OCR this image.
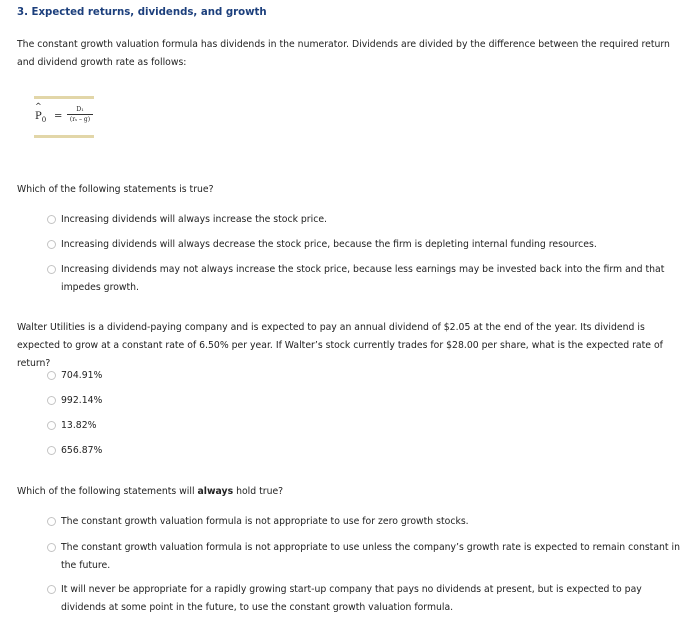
3. Expected returns, dividends, and growth
The constant growth valuation formula has dividends in the numerator. Dividends are divided by the difference between the required return and dividend growth rate as follows:
^
$P_0$ =
D₁
(rₛ – g)
Which of the following statements is true?
Increasing dividends will always increase the stock price.
Increasing dividends will always decrease the stock price, because the firm is depleting internal funding resources.
Increasing dividends may not always increase the stock price, because less earnings may be invested back into the firm and that impedes growth.
Walter Utilities is a dividend-paying company and is expected to pay an annual dividend of $2.05 at the end of the year. Its dividend is expected to grow at a constant rate of 6.50% per year. If Walter’s stock currently trades for $28.00 per share, what is the expected rate of return?
704.91%
992.14%
13.82%
656.87%
Which of the following statements will always hold true?
The constant growth valuation formula is not appropriate to use for zero growth stocks.
The constant growth valuation formula is not appropriate to use unless the company’s growth rate is expected to remain constant in the future.
It will never be appropriate for a rapidly growing start-up company that pays no dividends at present, but is expected to pay dividends at some point in the future, to use the constant growth valuation formula.
